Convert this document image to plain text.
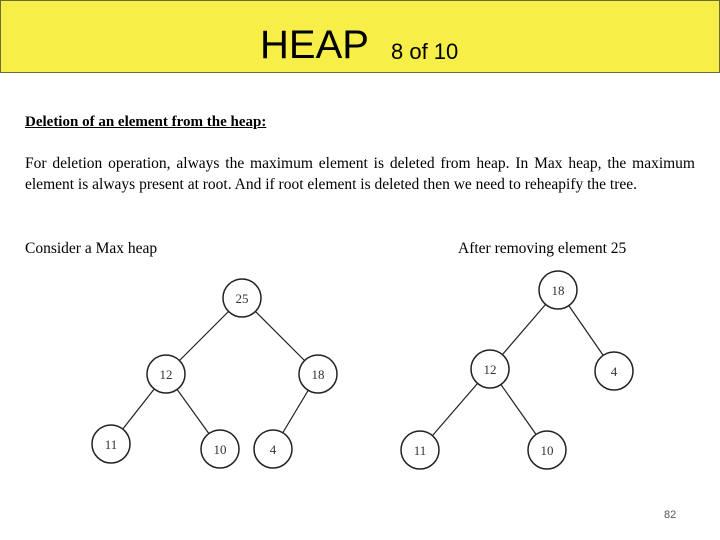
HEAP 8 of 10
Deletion of an element from the heap:

For deletion operation, always the maximum element is deleted from heap. In Max heap, the maximum element is always present at root. And if root element is deleted then we need to reheapify the tree.

Consider a Max heap	After removing element 25
25
12	18
11	10	4
18
12	4
11	10
82
